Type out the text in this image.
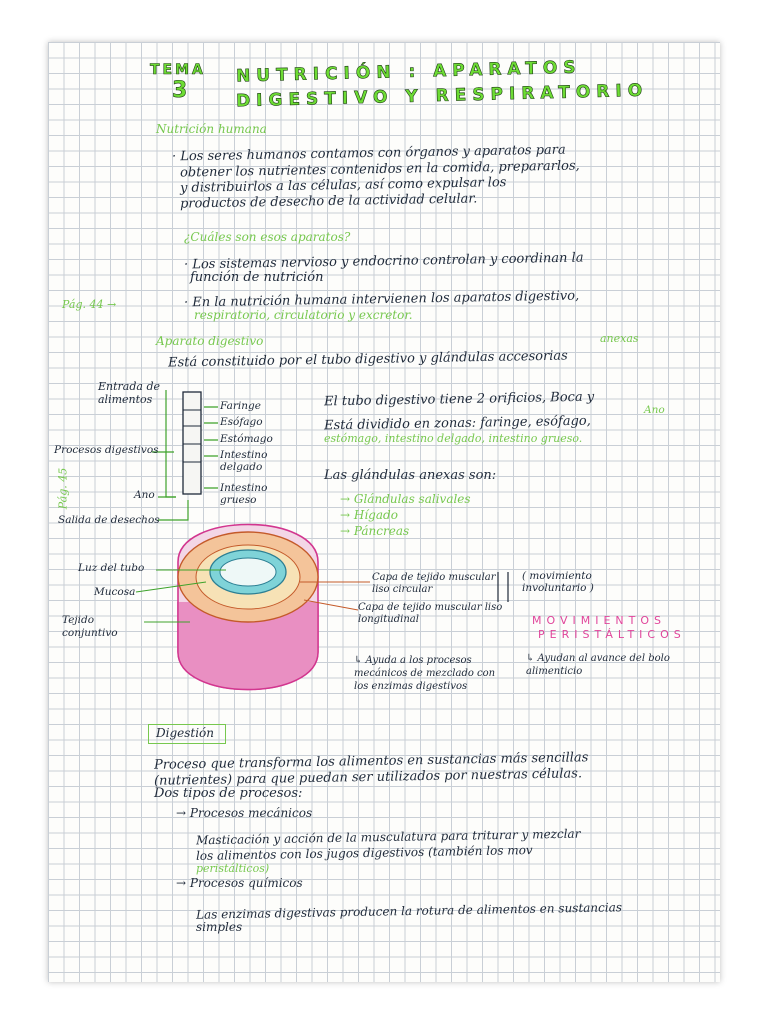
TEMA
3
NUTRICIÓN : APARATOS
DIGESTIVO Y RESPIRATORIO
Nutrición humana
· Los seres humanos contamos con órganos y aparatos para
obtener los nutrientes contenidos en la comida, prepararlos,
y distribuirlos a las células, así como expulsar los
productos de desecho de la actividad celular.
¿Cuáles son esos aparatos?
· Los sistemas nervioso y endocrino controlan y coordinan la
función de nutrición
Pág. 44 →	· En la nutrición humana intervienen los aparatos digestivo,
respiratorio, circulatorio y excretor.
Aparato digestivo	anexas
Está constituido por el tubo digestivo y glándulas accesorias
Pág. 45
Entrada de alimentos	Faringe
Esófago
Estómago
Intestino delgado
Intestino grueso
Procesos digestivos
Ano
Salida de desechos
El tubo digestivo tiene 2 orificios, Boca y
Ano
Está dividido en zonas: faringe, esófago,
estómago, intestino delgado, intestino grueso.
Las glándulas anexas son:
→ Glándulas salivales
→ Hígado
→ Páncreas
Luz del tubo
Mucosa
Tejido conjuntivo
Capa de tejido muscular liso circular
Capa de tejido muscular liso longitudinal
( movimiento involuntario )
MOVIMIENTOS
PERISTÁLTICOS
↳ Ayuda a los procesos mecánicos de mezclado con los enzimas digestivos
↳ Ayudan al avance del bolo alimenticio
Digestión
Proceso que transforma los alimentos en sustancias más sencillas
(nutrientes) para que puedan ser utilizados por nuestras células.
Dos tipos de procesos:
→ Procesos mecánicos
Masticación y acción de la musculatura para triturar y mezclar
los alimentos con los jugos digestivos (también los mov
peristálticos)
→ Procesos químicos
Las enzimas digestivas producen la rotura de alimentos en sustancias
simples
